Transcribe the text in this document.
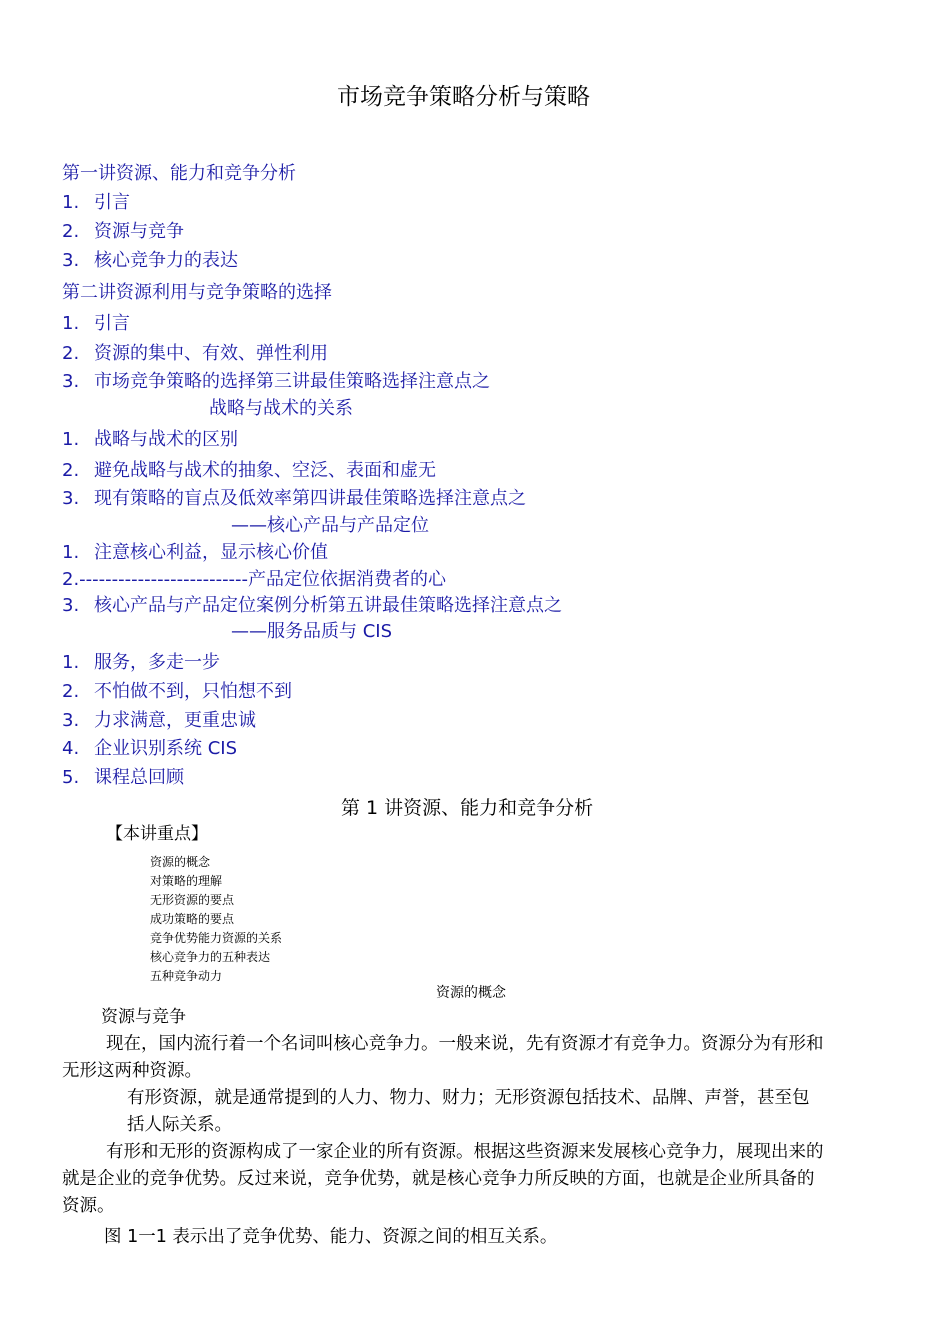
市场竞争策略分析与策略
第一讲资源、能力和竞争分析
1. 引言
2. 资源与竞争
3. 核心竞争力的表达
第二讲资源利用与竞争策略的选择
1. 引言
2. 资源的集中、有效、弹性利用
3. 市场竞争策略的选择第三讲最佳策略选择注意点之
战略与战术的关系
1. 战略与战术的区别
2. 避免战略与战术的抽象、空泛、表面和虚无
3. 现有策略的盲点及低效率第四讲最佳策略选择注意点之
——核心产品与产品定位
1. 注意核心利益，显示核心价值
2.--------------------------产品定位依据消费者的心
3. 核心产品与产品定位案例分析第五讲最佳策略选择注意点之
——服务品质与 CIS
1. 服务，多走一步
2. 不怕做不到，只怕想不到
3. 力求满意，更重忠诚
4. 企业识别系统 CIS
5. 课程总回顾
第 1 讲资源、能力和竞争分析
【本讲重点】
资源的概念
对策略的理解
无形资源的要点
成功策略的要点
竞争优势能力资源的关系
核心竞争力的五种表达
五种竞争动力
资源的概念
资源与竞争
现在，国内流行着一个名词叫核心竞争力。一般来说，先有资源才有竞争力。资源分为有形和
无形这两种资源。
有形资源，就是通常提到的人力、物力、财力；无形资源包括技术、品牌、声誉，甚至包
括人际关系。
有形和无形的资源构成了一家企业的所有资源。根据这些资源来发展核心竞争力，展现出来的
就是企业的竞争优势。反过来说，竞争优势，就是核心竞争力所反映的方面，也就是企业所具备的
资源。
图 1一1 表示出了竞争优势、能力、资源之间的相互关系。
